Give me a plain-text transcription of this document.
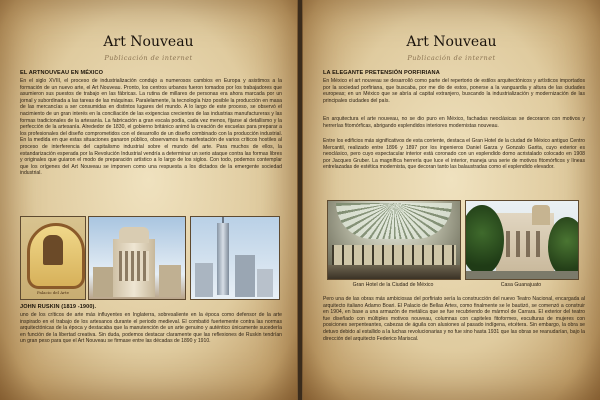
Art Nouveau
Publicación de internet
EL ARTNOUVEAU EN MÉXICO

En el siglo XVIII, el proceso de industrialización condujo a numerosos cambios en Europa y asistimos a la formación de un nuevo arte, el Art Nouveau. Pronto, los centros urbanos fueron tomados por los trabajadores que asumieron sus puestos de trabajo en las fábricas. La rutina de millares de personas era ahora marcada por un jornal y subordinada a las tareas de las máquinas. Paralelamente, la tecnología hizo posible la producción en masa de las mercancías a ser consumidas en distintos lugares del mundo. A lo largo de este proceso, se observó el nacimiento de un gran interés en la conciliación de las exigencias crecientes de las industrias manufactureras y las formas tradicionales de la artesanía. La fabricación a gran escala podía, cada vez menos, fijarse al detallismo y la perfección de la artesanía. Alrededor de 1830, el gobierno británico animó la creación de escuelas para preparar a los profesionales del diseño comprometidos con el desarrollo de un diseño combinado con la producción industrial. En la medida en que estas situaciones ganaron público, observamos la manifestación de varios críticos hostiles al proceso de interferencia del capitalismo industrial sobre el mundo del arte. Para muchos de ellos, la estandarización esperada por la Revolución Industrial vendría a determinar un serio ataque contra las formas libres y originales que guiaron el modo de preparación artístico a lo largo de los siglos. Con todo, podemos contemplar que los orígenes del Art Nouveau se imponen como una respuesta a los dictados de la emergente sociedad industrial.

Palacio del Arte
JOHN RUSKIN (1819 -1900).

uno de los críticos de arte más influyentes en Inglaterra, sobresaliente en la época como defensor de la arte inspirado en el trabajo de los artesanos durante el periodo medieval. El combatió fuertemente contra las normas arquitectónicas de la época y destacaba que la manutención de un arte genuino y auténtico únicamente sucedería en función de la libertad creativa. Sin duda, podemos destacar claramente que las reflexiones de Ruskin tendrían un gran peso para que el Art Nouveau se firmase entre las décadas de 1890 y 1910.

Art Nouveau
Publicación de internet
LA ELEGANTE PRETENSIÓN PORFIRIANA

En México el art nouveau se desarrolló como parte del repertorio de estilos arquitectónicos y artísticos importados por la sociedad porfiriana, que buscaba, por me dio de estos, ponerse a la vanguardia y altura de las ciudades europeas; en un México que se abría al capital extranjero, buscando la industrialización y modernización de las principales ciudades del país.

En arquitectura el arte nouveau, no se dio puro en México, fachadas neoclásicas se decoraron con motivos y herrerías fitomórficas, abrigando esplendidos interiores modernistas nouveau.

Entre los edificios más significativos de esta corriente, destaca el Gran Hotel de la ciudad de México antiguo Centro Mercantil, realizado entre 1896 y 1897 por los ingenieros Daniel Garza y Gonzalo Garita, cuyo exterior es neoclásico, pero cuyo espectacular interior está coronado con un esplendido domo acristalado colocado en 1908 por Jacques Gruber. La magnífica herrería que luce el interior, maneja una serie de motivos fitomórficos y líneas entrelazadas de estética modernista, que decoran tanto las balaustradas como el esplendido elevador.

Gran Hotel de la Ciudad de México	Casa Guanajuato

Pero una de las obras más ambiciosas del porfiriato sería la construcción del nuevo Teatro Nacional, encargada al arquitecto italiano Adamo Boari. El Palacio de Bellas Artes, como finalmente se le bautizó, se comenzó a construir en 1904, en base a una armazón de metálica que se fue recubriendo de mármol de Carrara. El exterior del teatro fue diseñado con múltiples motivos nouveau, columnas con capiteles fitoformes, esculturas de mujeres con posiciones serpenteantes, cabezas de águila con alusiones al pasado indígena, etcétera. Sin embargo, la obra se detuvo debido al estallido a la luchas revolucionarias y no fue sino hasta 1931 que las obras se reanudarían, bajo la dirección del arquitecto Federico Mariscal.
